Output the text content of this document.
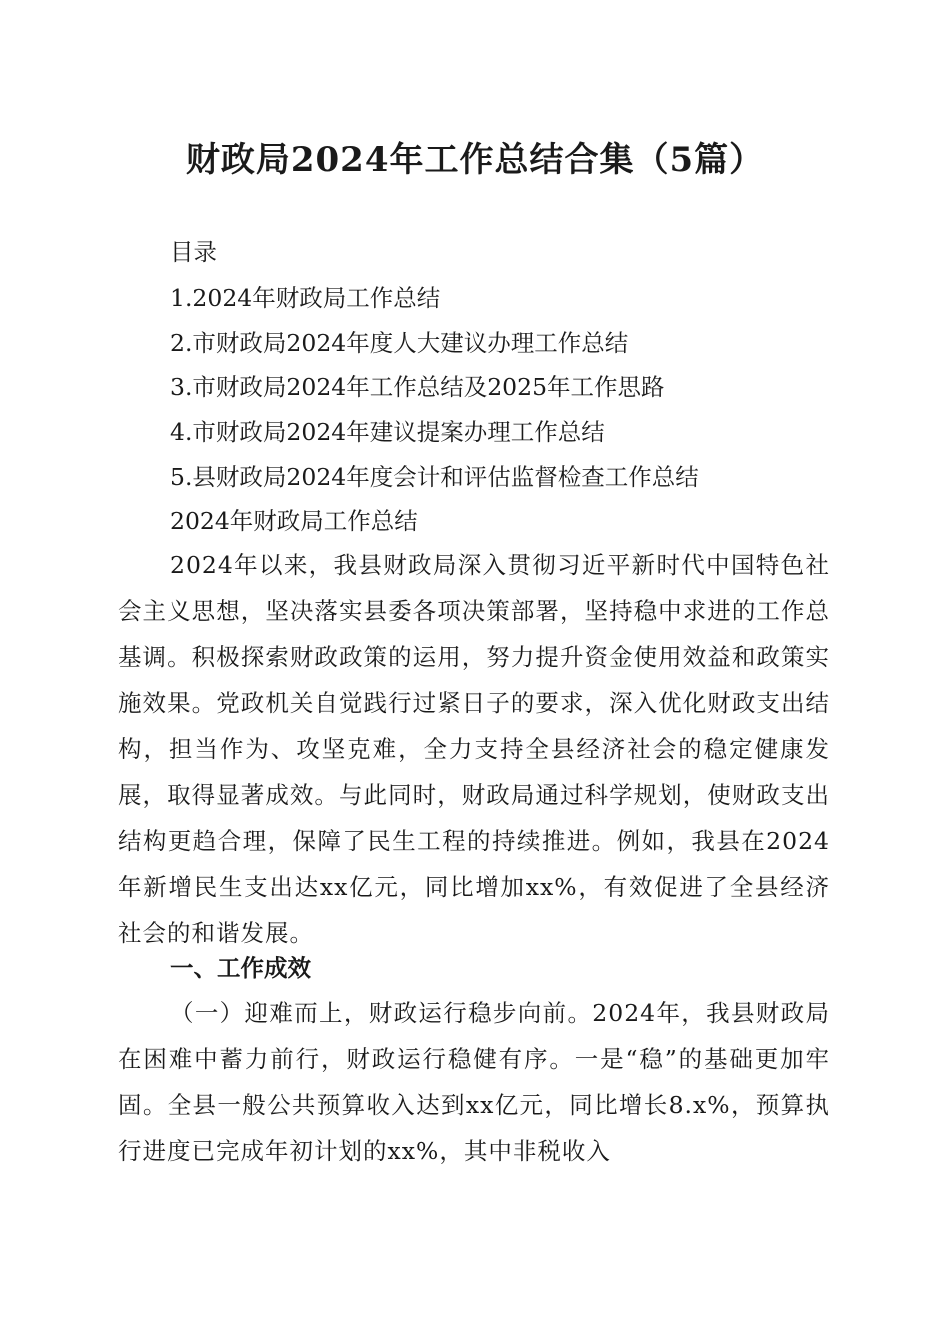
财政局2024年工作总结合集（5篇）
目录
1.2024年财政局工作总结
2.市财政局2024年度人大建议办理工作总结
3.市财政局2024年工作总结及2025年工作思路
4.市财政局2024年建议提案办理工作总结
5.县财政局2024年度会计和评估监督检查工作总结
2024年财政局工作总结
2024年以来，我县财政局深入贯彻习近平新时代中国特色社会主义思想，坚决落实县委各项决策部署，坚持稳中求进的工作总基调。积极探索财政政策的运用，努力提升资金使用效益和政策实施效果。党政机关自觉践行过紧日子的要求，深入优化财政支出结构，担当作为、攻坚克难，全力支持全县经济社会的稳定健康发展，取得显著成效。与此同时，财政局通过科学规划，使财政支出结构更趋合理，保障了民生工程的持续推进。例如，我县在2024年新增民生支出达xx亿元，同比增加xx%，有效促进了全县经济社会的和谐发展。
一、工作成效
（一）迎难而上，财政运行稳步向前。2024年，我县财政局在困难中蓄力前行，财政运行稳健有序。一是“稳”的基础更加牢固。全县一般公共预算收入达到xx亿元，同比增长8.x%，预算执行进度已完成年初计划的xx%，其中非税收入
